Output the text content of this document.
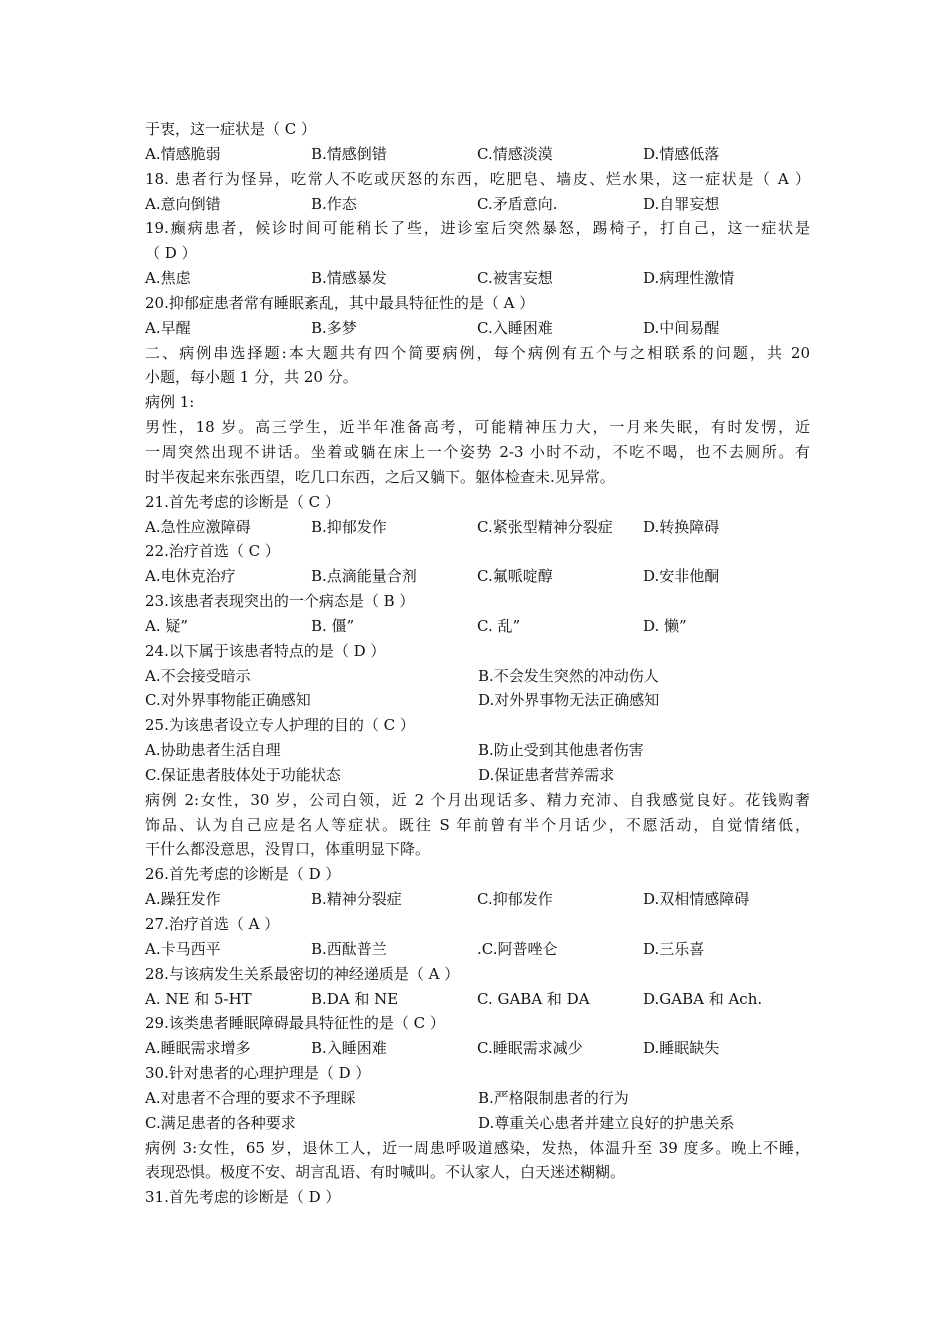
于衷，这一症状是（ C ）
A.情感脆弱	B.情感倒错	C.情感淡漠	D.情感低落
18. 患者行为怪异，吃常人不吃或厌怒的东西，吃肥皂、墙皮、烂水果，这一症状是（ A ）
A.意向倒错	B.作态	C.矛盾意向.	D.自罪妄想
19.癫病患者，候诊时间可能稍长了些，进诊室后突然暴怒，踢椅子，打自己，这一症状是
（ D ）
A.焦虑	B.情感暴发	C.被害妄想	D.病理性激情
20.抑郁症患者常有睡眠紊乱，其中最具特征性的是（ A ）
A.早醒	B.多梦	C.入睡困难	D.中间易醒
二、病例串选择题:本大题共有四个简要病例，每个病例有五个与之相联系的问题，共 20
小题，每小题 1 分，共 20 分。
病例 1:
男性，18 岁。高三学生，近半年准备高考，可能精神压力大，一月来失眠，有时发愣，近
一周突然出现不讲话。坐着或躺在床上一个姿势 2-3 小时不动，不吃不喝，也不去厕所。有
时半夜起来东张西望，吃几口东西，之后又躺下。躯体检查未.见异常。
21.首先考虑的诊断是（ C ）
A.急性应激障碍	B.抑郁发作	C.紧张型精神分裂症	D.转换障碍
22.治疗首选（ C ）
A.电休克治疗	B.点滴能量合剂	C.氟哌啶醇	D.安非他酮
23.该患者表现突出的一个病态是（ B ）
A. 疑”	B. 僵”	C. 乱”	D. 懒”
24.以下属于该患者特点的是（ D ）
A.不会接受暗示	B.不会发生突然的冲动伤人
C.对外界事物能正确感知	D.对外界事物无法正确感知
25.为该患者设立专人护理的目的（ C ）
A.协助患者生活自理	B.防止受到其他患者伤害
C.保证患者肢体处于功能状态	D.保证患者营养需求
病例 2:女性，30 岁，公司白领，近 2 个月出现话多、精力充沛、自我感觉良好。花钱购奢
饰品、认为自己应是名人等症状。既往 S 年前曾有半个月话少，不愿活动，自觉情绪低，
干什么都没意思，没胃口，体重明显下降。
26.首先考虑的诊断是（ D ）
A.躁狂发作	B.精神分裂症	C.抑郁发作	D.双相情感障碍
27.治疗首选（ A ）
A.卡马西平	B.西酞普兰	.C.阿普唑仑	D.三乐喜
28.与该病发生关系最密切的神经递质是（ A ）
A. NE 和 5-HT	B.DA 和 NE	C. GABA 和 DA	D.GABA 和 Ach.
29.该类患者睡眠障碍最具特征性的是（ C ）
A.睡眠需求增多	B.入睡困难	C.睡眠需求减少	D.睡眠缺失
30.针对患者的心理护理是（ D ）
A.对患者不合理的要求不予理睬	B.严格限制患者的行为
C.满足患者的各种要求	D.尊重关心患者并建立良好的护患关系
病例 3:女性，65 岁，退休工人，近一周患呼吸道感染，发热，体温升至 39 度多。晚上不睡，
表现恐惧。极度不安、胡言乱语、有时喊叫。不认家人，白天迷述糊糊。
31.首先考虑的诊断是（ D ）
